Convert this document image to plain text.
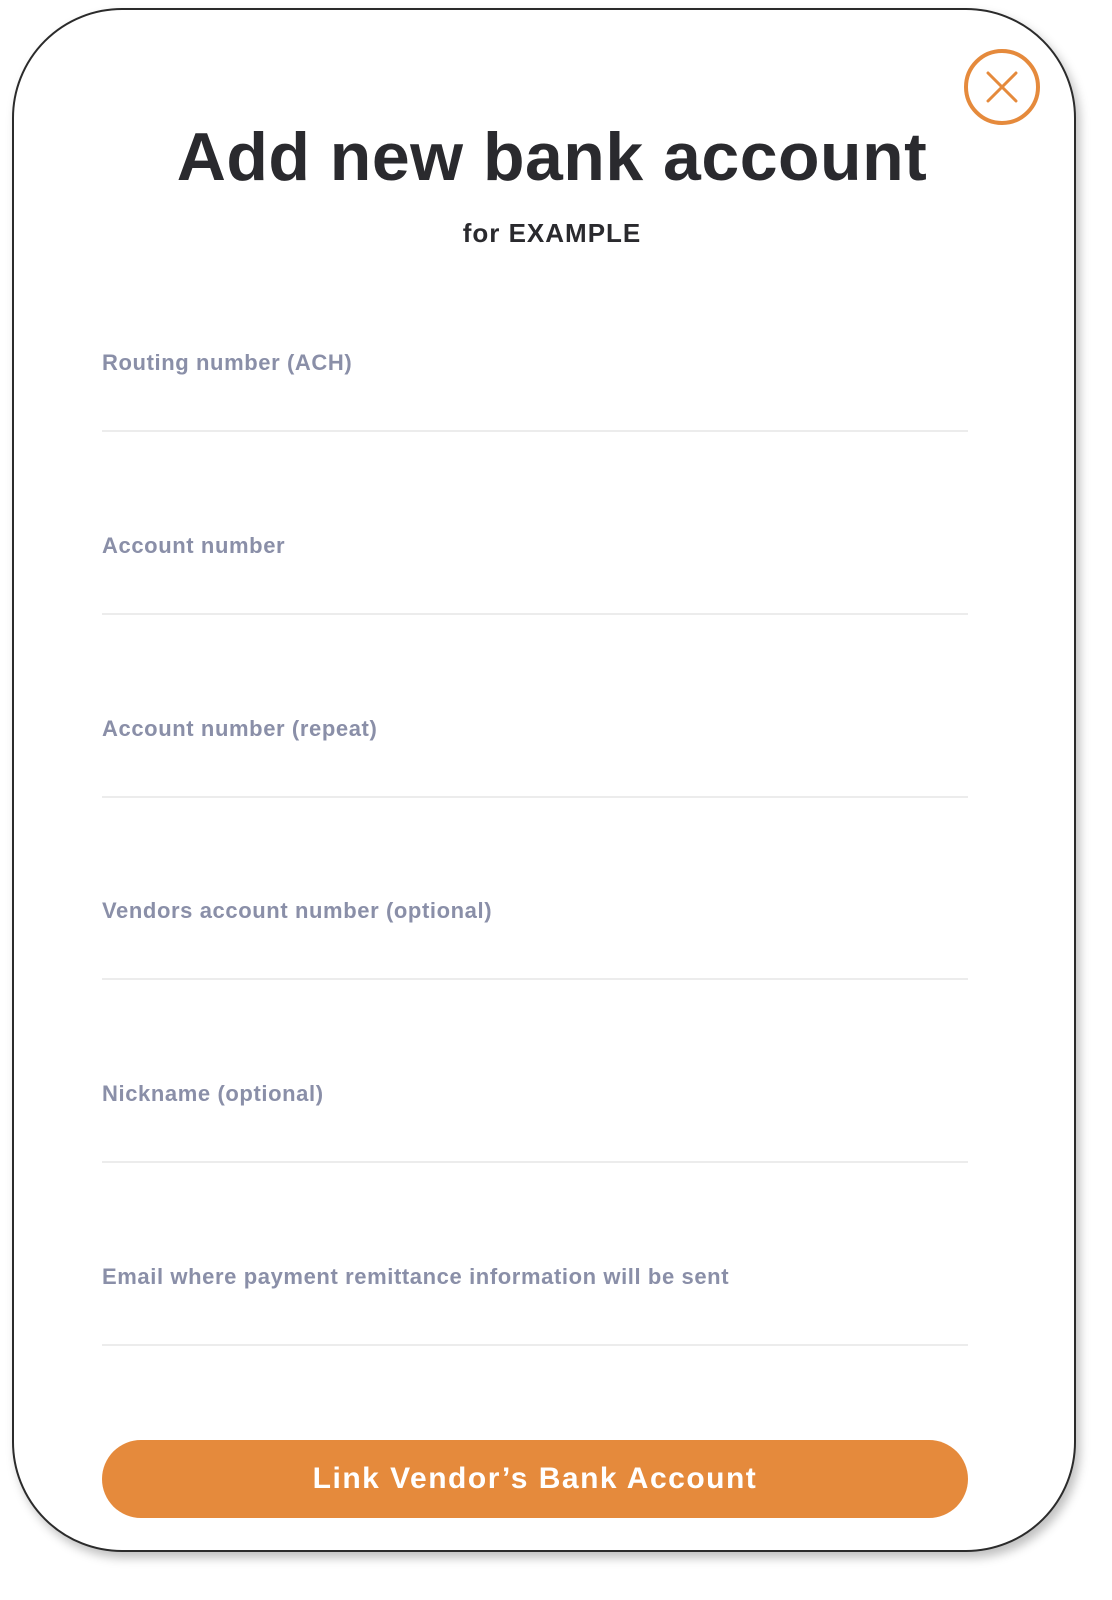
Add new bank account
for EXAMPLE
Routing number (ACH)
Account number
Account number (repeat)
Vendors account number (optional)
Nickname (optional)
Email where payment remittance information will be sent
Link Vendor’s Bank Account
